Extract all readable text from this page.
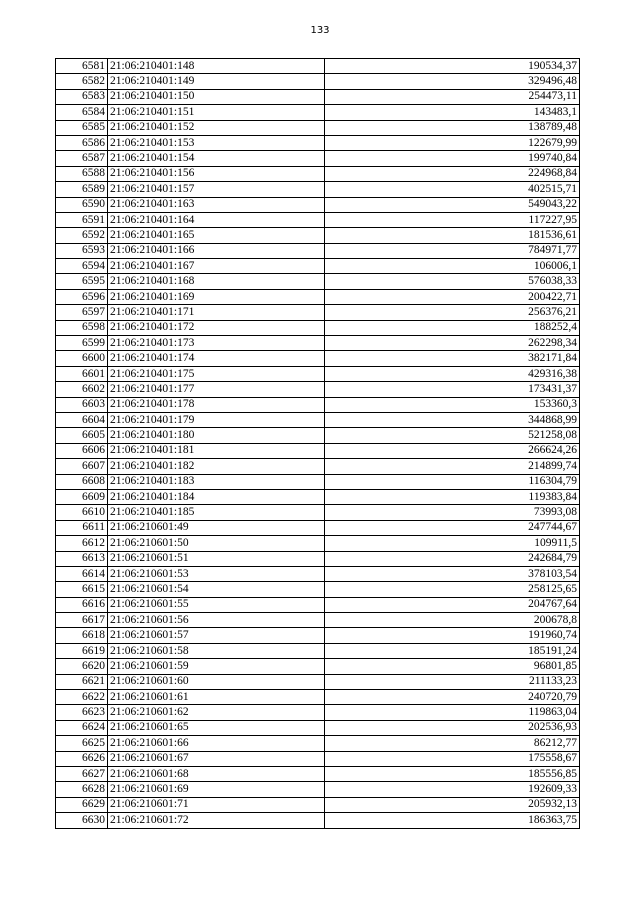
133
6581	21:06:210401:148	190534,37
6582	21:06:210401:149	329496,48
6583	21:06:210401:150	254473,11
6584	21:06:210401:151	143483,1
6585	21:06:210401:152	138789,48
6586	21:06:210401:153	122679,99
6587	21:06:210401:154	199740,84
6588	21:06:210401:156	224968,84
6589	21:06:210401:157	402515,71
6590	21:06:210401:163	549043,22
6591	21:06:210401:164	117227,95
6592	21:06:210401:165	181536,61
6593	21:06:210401:166	784971,77
6594	21:06:210401:167	106006,1
6595	21:06:210401:168	576038,33
6596	21:06:210401:169	200422,71
6597	21:06:210401:171	256376,21
6598	21:06:210401:172	188252,4
6599	21:06:210401:173	262298,34
6600	21:06:210401:174	382171,84
6601	21:06:210401:175	429316,38
6602	21:06:210401:177	173431,37
6603	21:06:210401:178	153360,3
6604	21:06:210401:179	344868,99
6605	21:06:210401:180	521258,08
6606	21:06:210401:181	266624,26
6607	21:06:210401:182	214899,74
6608	21:06:210401:183	116304,79
6609	21:06:210401:184	119383,84
6610	21:06:210401:185	73993,08
6611	21:06:210601:49	247744,67
6612	21:06:210601:50	109911,5
6613	21:06:210601:51	242684,79
6614	21:06:210601:53	378103,54
6615	21:06:210601:54	258125,65
6616	21:06:210601:55	204767,64
6617	21:06:210601:56	200678,8
6618	21:06:210601:57	191960,74
6619	21:06:210601:58	185191,24
6620	21:06:210601:59	96801,85
6621	21:06:210601:60	211133,23
6622	21:06:210601:61	240720,79
6623	21:06:210601:62	119863,04
6624	21:06:210601:65	202536,93
6625	21:06:210601:66	86212,77
6626	21:06:210601:67	175558,67
6627	21:06:210601:68	185556,85
6628	21:06:210601:69	192609,33
6629	21:06:210601:71	205932,13
6630	21:06:210601:72	186363,75
